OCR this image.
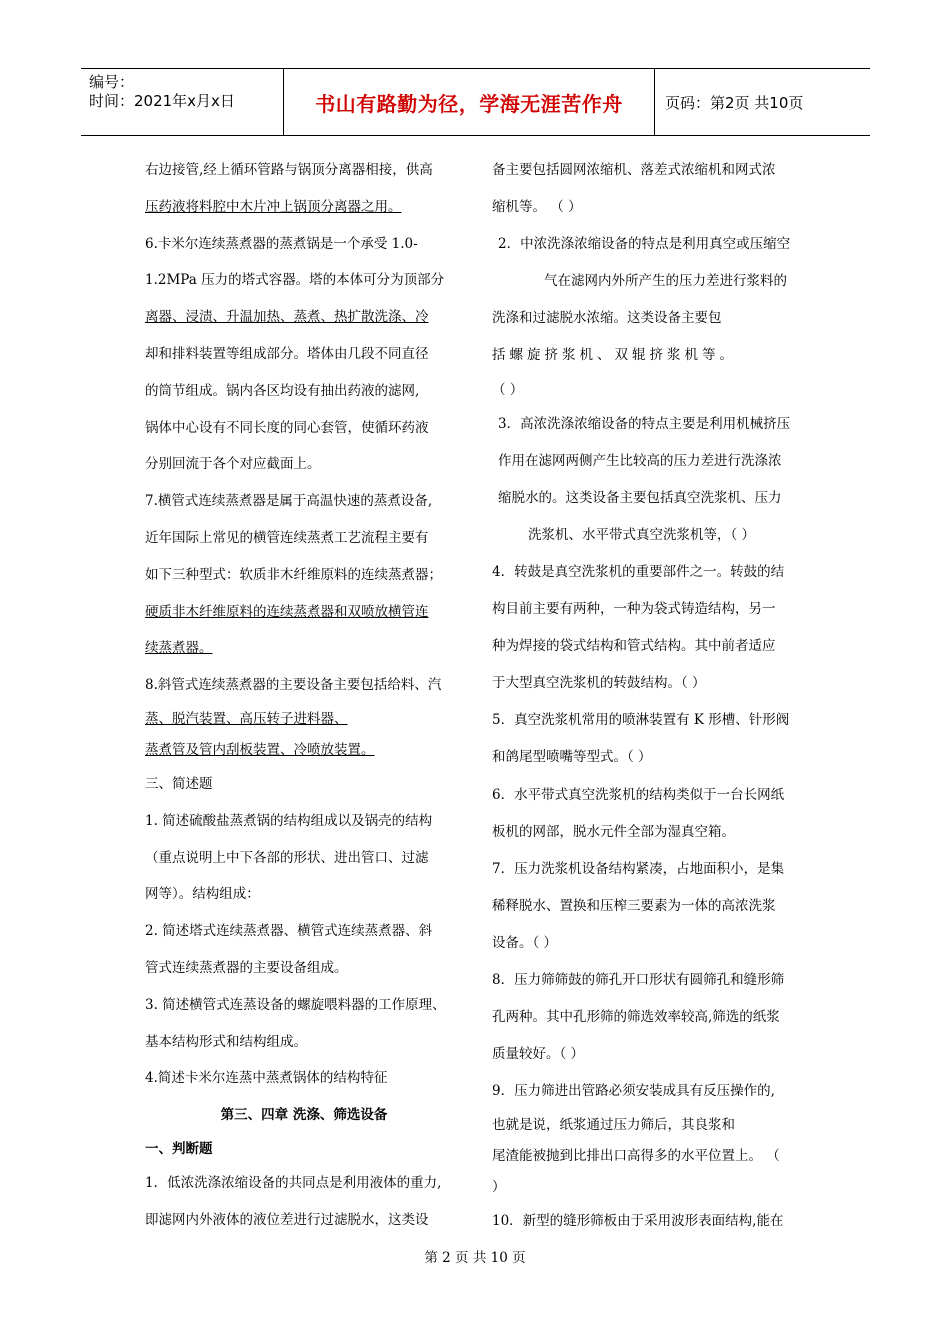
编号：
时间：2021年x月x日	书山有路勤为径，学海无涯苦作舟	页码：第2页 共10页

右边接管,经上循环管路与锅顶分离器相接，供高

压药液将料腔中木片冲上锅顶分离器之用。

6.卡米尔连续蒸煮器的蒸煮锅是一个承受 1.0-

1.2MPa 压力的塔式容器。塔的本体可分为顶部分

离器、浸渍、升温加热、蒸煮、热扩散洗涤、冷

却和排料装置等组成部分。塔体由几段不同直径

的筒节组成。锅内各区均设有抽出药液的滤网,

锅体中心设有不同长度的同心套管，使循环药液

分别回流于各个对应截面上。

7.横管式连续蒸煮器是属于高温快速的蒸煮设备,

近年国际上常见的横管连续蒸煮工艺流程主要有

如下三种型式：软质非木纤维原料的连续蒸煮器；

硬质非木纤维原料的连续蒸煮器和双喷放横管连

续蒸煮器。

8.斜管式连续蒸煮器的主要设备主要包括给料、汽

蒸、脱汽装置、高压转子进料器、

蒸煮管及管内刮板装置、冷喷放装置。

三、简述题

1. 简述硫酸盐蒸煮锅的结构组成以及锅壳的结构

（重点说明上中下各部的形状、进出管口、过滤

网等）。结构组成：

2. 简述塔式连续蒸煮器、横管式连续蒸煮器、斜

管式连续蒸煮器的主要设备组成。

3. 简述横管式连蒸设备的螺旋喂料器的工作原理、

基本结构形式和结构组成。

4.简述卡米尔连蒸中蒸煮锅体的结构特征

第三、四章 洗涤、筛选设备

一、判断题

1．低浓洗涤浓缩设备的共同点是利用液体的重力,

即滤网内外液体的液位差进行过滤脱水，这类设

备主要包括圆网浓缩机、落差式浓缩机和网式浓

缩机等。 （ ）

2．中浓洗涤浓缩设备的特点是利用真空或压缩空

气在滤网内外所产生的压力差进行浆料的

洗涤和过滤脱水浓缩。这类设备主要包

括螺旋挤浆机、双辊挤浆机等。

（ ）

3．高浓洗涤浓缩设备的特点主要是利用机械挤压

作用在滤网两侧产生比较高的压力差进行洗涤浓

缩脱水的。这类设备主要包括真空洗浆机、压力

洗浆机、水平带式真空洗浆机等，（ ）

4．转鼓是真空洗浆机的重要部件之一。转鼓的结

构目前主要有两种，一种为袋式铸造结构，另一

种为焊接的袋式结构和管式结构。其中前者适应

于大型真空洗浆机的转鼓结构。（ ）

5．真空洗浆机常用的喷淋装置有 K 形槽、针形阀

和鸽尾型喷嘴等型式。（ ）

6．水平带式真空洗浆机的结构类似于一台长网纸

板机的网部，脱水元件全部为湿真空箱。

7．压力洗浆机设备结构紧凑，占地面积小，是集

稀释脱水、置换和压榨三要素为一体的高浓洗浆

设备。（ ）

8．压力筛筛鼓的筛孔开口形状有圆筛孔和缝形筛

孔两种。其中孔形筛的筛选效率较高,筛选的纸浆

质量较好。（ ）

9．压力筛进出管路必须安装成具有反压操作的,

也就是说，纸浆通过压力筛后，其良浆和

尾渣能被抛到比排出口高得多的水平位置上。 （

）

10．新型的缝形筛板由于采用波形表面结构,能在

第 2 页 共 10 页
